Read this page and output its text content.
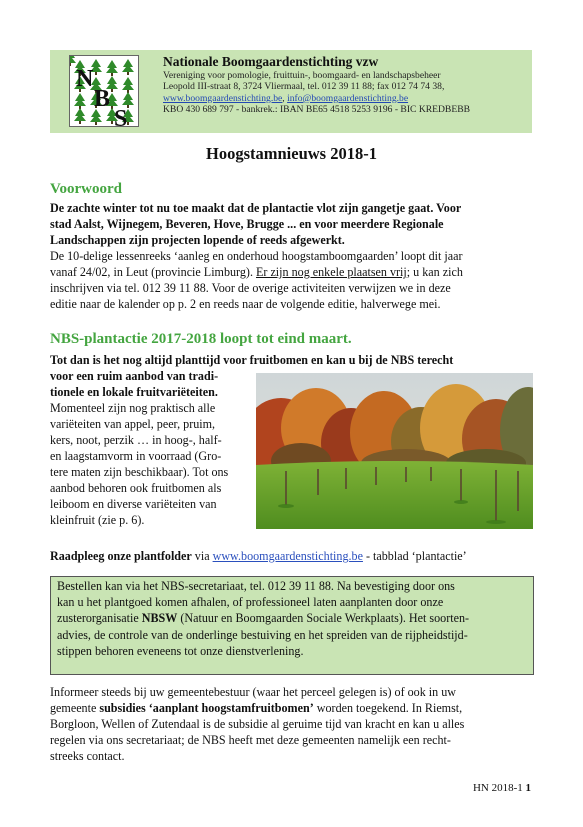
N
B
S
Nationale Boomgaardenstichting vzw
Vereniging voor pomologie, fruittuin-, boomgaard- en landschapsbeheer
Leopold III-straat 8, 3724 Vliermaal, tel. 012 39 11 88; fax 012 74 74 38,
www.boomgaardenstichting.be, info@boomgaardenstichting.be
KBO 430 689 797 - bankrek.: IBAN BE65 4518 5253 9196 - BIC KREDBEBB
Hoogstamnieuws 2018-1
Voorwoord
De zachte winter tot nu toe maakt dat de plantactie vlot zijn gangetje gaat. Voor
stad Aalst, Wijnegem, Beveren, Hove, Brugge ... en voor meerdere Regionale
Landschappen zijn projecten lopende of reeds afgewerkt.
De 10-delige lessenreeks ‘aanleg en onderhoud hoogstamboomgaarden’ loopt dit jaar
vanaf 24/02, in Leut (provincie Limburg). Er zijn nog enkele plaatsen vrij; u kan zich
inschrijven via tel. 012 39 11 88. Voor de overige activiteiten verwijzen we in deze
editie naar de kalender op p. 2 en reeds naar de volgende editie, halverwege mei.
NBS-plantactie 2017-2018 loopt tot eind maart.
Tot dan is het nog altijd planttijd voor fruitbomen en kan u bij de NBS terecht
voor een ruim aanbod van tradi-
tionele en lokale fruitvariëteiten.
Momenteel zijn nog praktisch alle
variëteiten van appel, peer, pruim,
kers, noot, perzik … in hoog-, half-
en laagstamvorm in voorraad (Gro-
tere maten zijn beschikbaar). Tot ons
aanbod behoren ook fruitbomen als
leiboom en diverse variëteiten van
kleinfruit (zie p. 6).
Raadpleeg onze plantfolder via www.boomgaardenstichting.be - tabblad ‘plantactie’
Bestellen kan via het NBS-secretariaat, tel. 012 39 11 88. Na bevestiging door ons
kan u het plantgoed komen afhalen, of professioneel laten aanplanten door onze
zusterorganisatie NBSW (Natuur en Boomgaarden Sociale Werkplaats). Het soorten-
advies, de controle van de onderlinge bestuiving en het spreiden van de rijpheidstijd-
stippen behoren eveneens tot onze dienstverlening.
Informeer steeds bij uw gemeentebestuur (waar het perceel gelegen is) of ook in uw
gemeente subsidies ‘aanplant hoogstamfruitbomen’ worden toegekend. In Riemst,
Borgloon, Wellen of Zutendaal is de subsidie al geruime tijd van kracht en kan u alles
regelen via ons secretariaat; de NBS heeft met deze gemeenten namelijk een recht-
streeks contact.
HN 2018-1 1
